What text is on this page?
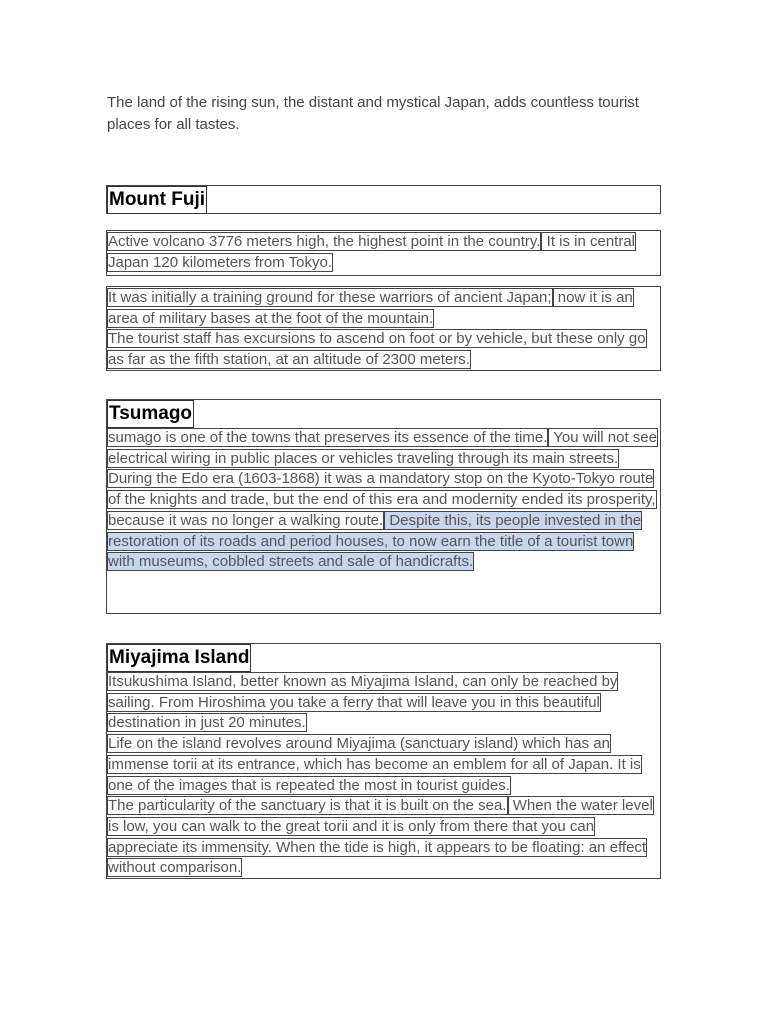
The land of the rising sun, the distant and mystical Japan, adds countless tourist places for all tastes.
Mount Fuji
Active volcano 3776 meters high, the highest point in the country. It is in central Japan 120 kilometers from Tokyo.
It was initially a training ground for these warriors of ancient Japan; now it is an area of military bases at the foot of the mountain.
The tourist staff has excursions to ascend on foot or by vehicle, but these only go as far as the fifth station, at an altitude of 2300 meters.
Tsumago
sumago is one of the towns that preserves its essence of the time. You will not see electrical wiring in public places or vehicles traveling through its main streets.
During the Edo era (1603-1868) it was a mandatory stop on the Kyoto-Tokyo route of the knights and trade, but the end of this era and modernity ended its prosperity, because it was no longer a walking route. Despite this, its people invested in the restoration of its roads and period houses, to now earn the title of a tourist town with museums, cobbled streets and sale of handicrafts.
Miyajima Island
Itsukushima Island, better known as Miyajima Island, can only be reached by sailing. From Hiroshima you take a ferry that will leave you in this beautiful destination in just 20 minutes.
Life on the island revolves around Miyajima (sanctuary island) which has an immense torii at its entrance, which has become an emblem for all of Japan. It is one of the images that is repeated the most in tourist guides.
The particularity of the sanctuary is that it is built on the sea. When the water level is low, you can walk to the great torii and it is only from there that you can appreciate its immensity. When the tide is high, it appears to be floating: an effect without comparison.
